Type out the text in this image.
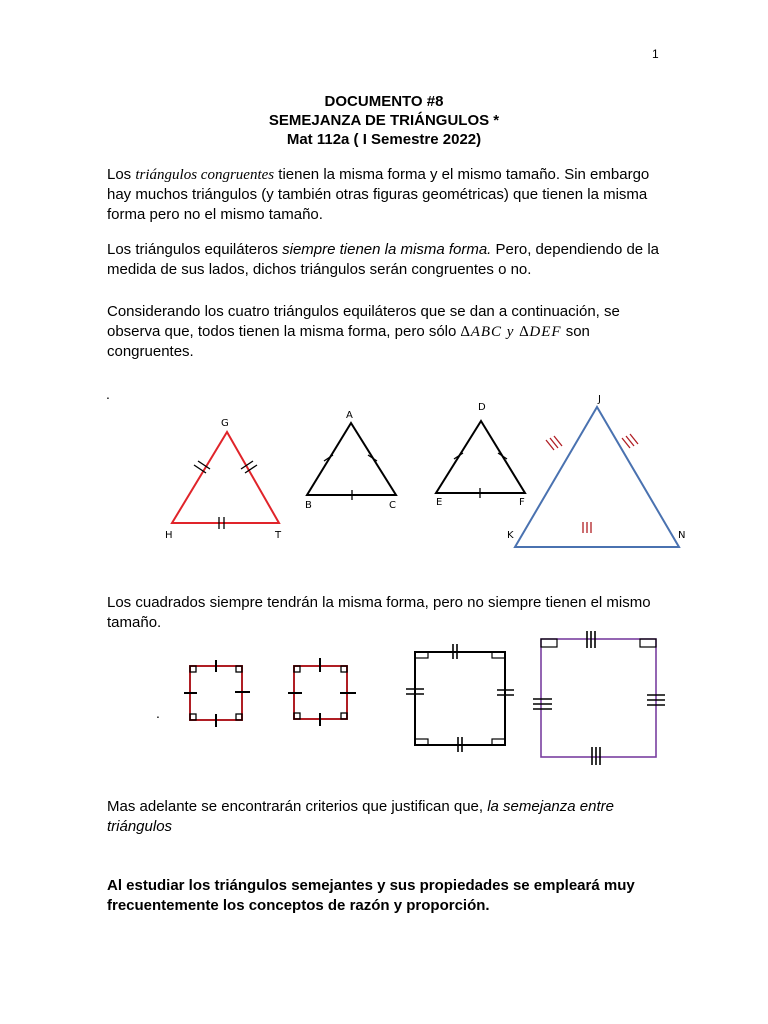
1
DOCUMENTO #8
SEMEJANZA DE TRIÁNGULOS *
Mat 112a ( I Semestre 2022)

Los triángulos congruentes tienen la misma forma y el mismo tamaño. Sin embargo hay muchos triángulos (y también otras figuras geométricas) que tienen la misma forma pero no el mismo tamaño.

Los triángulos equiláteros siempre tienen la misma forma. Pero, dependiendo de la medida de sus lados, dichos triángulos serán congruentes o no.

Considerando los cuatro triángulos equiláteros que se dan a continuación, se observa que, todos tienen la misma forma, pero sólo ∆ABC y ∆DEF son congruentes.

.
G
H	T
A
B	C
D
E	F
J
K	N

Los cuadrados siempre tendrán la misma forma, pero no siempre tienen el mismo tamaño.

.

Mas adelante se encontrarán criterios que justifican que, la semejanza entre triángulos

Al estudiar los triángulos semejantes y sus propiedades se empleará muy frecuentemente los conceptos de razón y proporción.
